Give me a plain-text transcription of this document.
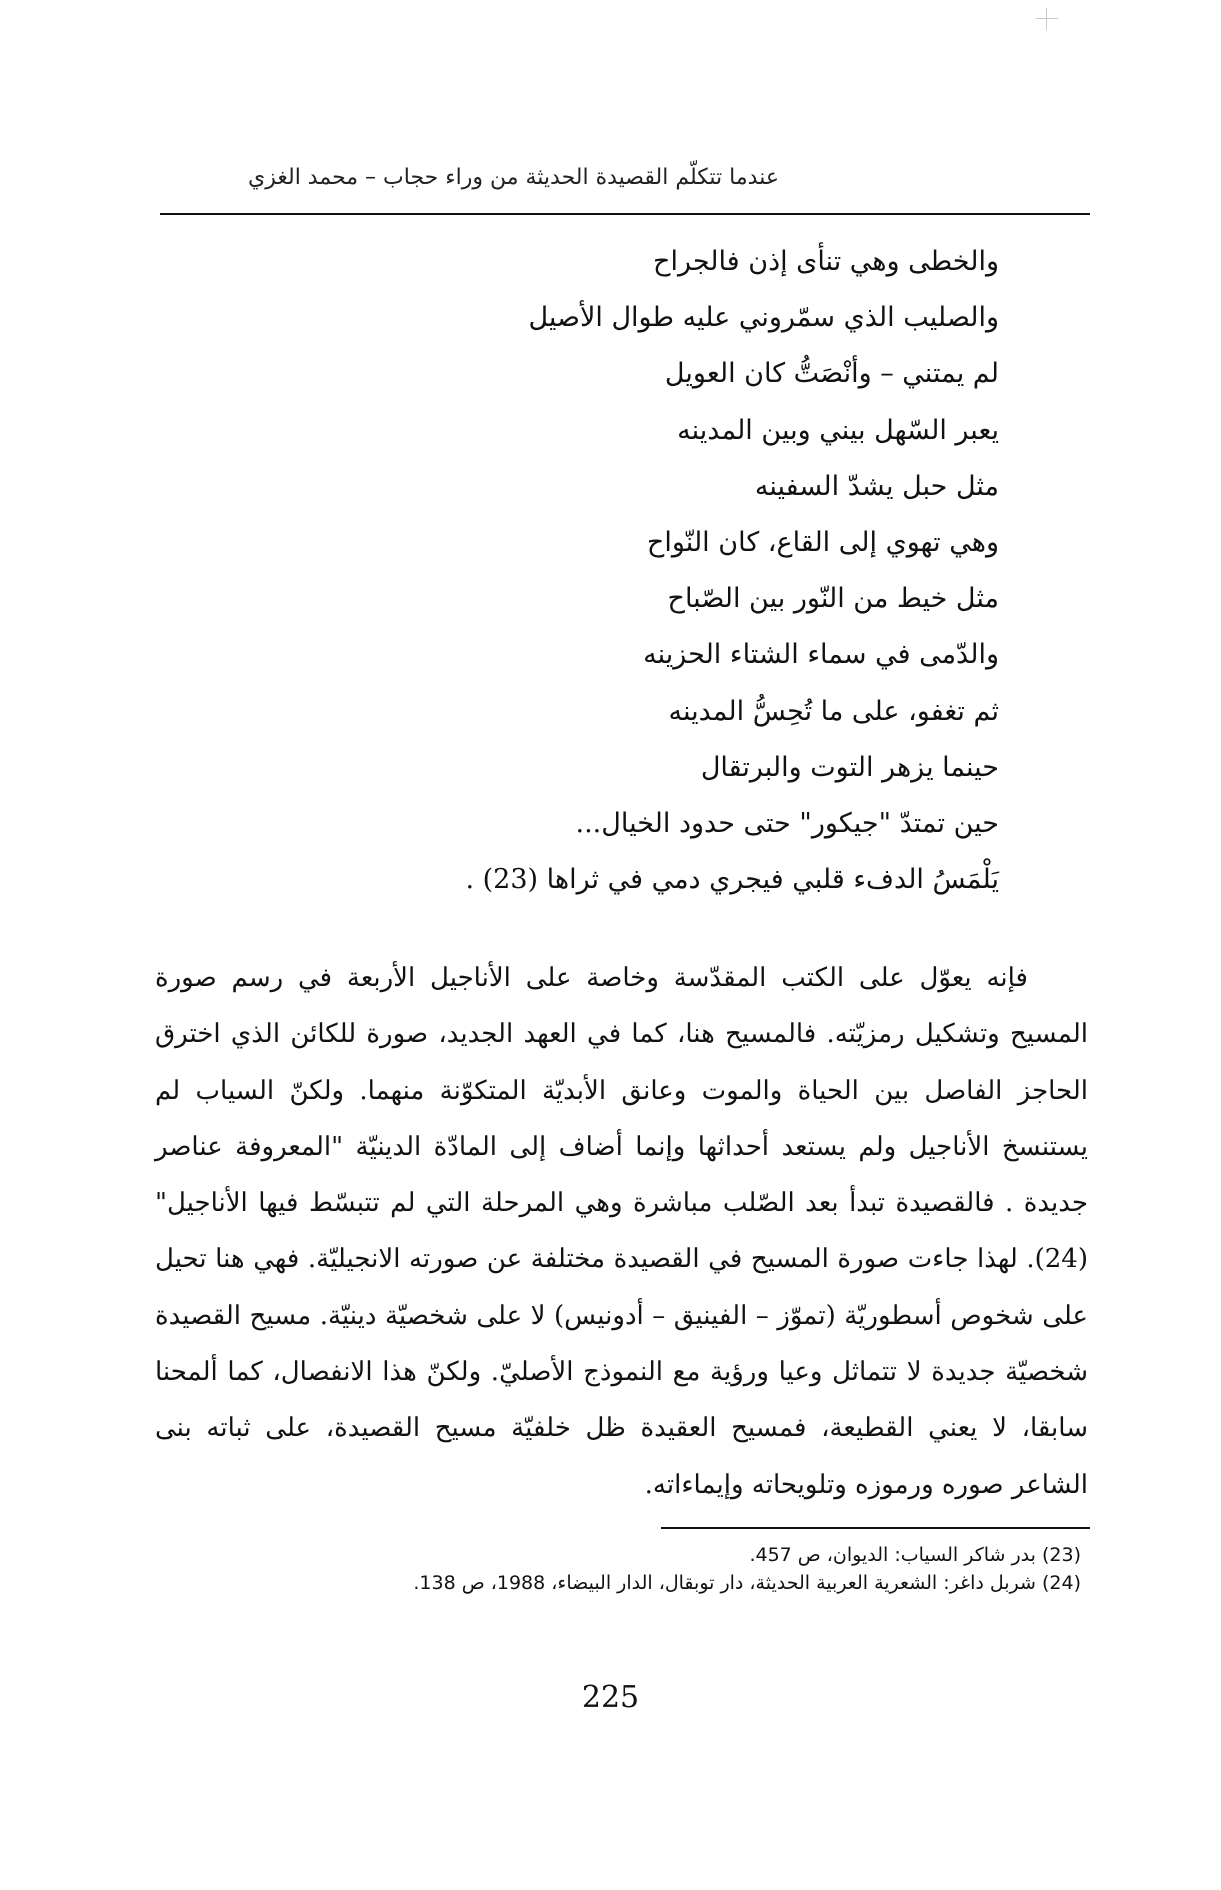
عندما تتكلّم القصيدة الحديثة من وراء حجاب – محمد الغزي
والخطى وهي تنأى إذن فالجراح
والصليب الذي سمّروني عليه طوال الأصيل
لم يمتني – وأنْصَتُّ كان العويل
يعبر السّهل بيني وبين المدينه
مثل حبل يشدّ السفينه
وهي تهوي إلى القاع، كان النّواح
مثل خيط من النّور بين الصّباح
والدّمى في سماء الشتاء الحزينه
ثم تغفو، على ما تُحِسُّ المدينه
حينما يزهر التوت والبرتقال
حين تمتدّ "جيكور" حتى حدود الخيال...
يَلْمَسُ الدفء قلبي فيجري دمي في ثراها (23) .

فإنه يعوّل على الكتب المقدّسة وخاصة على الأناجيل الأربعة في رسم صورة المسيح وتشكيل رمزيّته. فالمسيح هنا، كما في العهد الجديد، صورة للكائن الذي اخترق الحاجز الفاصل بين الحياة والموت وعانق الأبديّة المتكوّنة منهما. ولكنّ السياب لم يستنسخ الأناجيل ولم يستعد أحداثها وإنما أضاف إلى المادّة الدينيّة "المعروفة عناصر جديدة . فالقصيدة تبدأ بعد الصّلب مباشرة وهي المرحلة التي لم تتبسّط فيها الأناجيل" (24). لهذا جاءت صورة المسيح في القصيدة مختلفة عن صورته الانجيليّة. فهي هنا تحيل على شخوص أسطوريّة (تموّز – الفينيق – أدونيس) لا على شخصيّة دينيّة. مسيح القصيدة شخصيّة جديدة لا تتماثل وعيا ورؤية مع النموذج الأصليّ. ولكنّ هذا الانفصال، كما ألمحنا سابقا، لا يعني القطيعة، فمسيح العقيدة ظل خلفيّة مسيح القصيدة، على ثباته بنى الشاعر صوره ورموزه وتلويحاته وإيماءاته.

(23) بدر شاكر السياب: الديوان، ص 457.
(24) شربل داغر: الشعرية العربية الحديثة، دار توبقال، الدار البيضاء، 1988، ص 138.
225
